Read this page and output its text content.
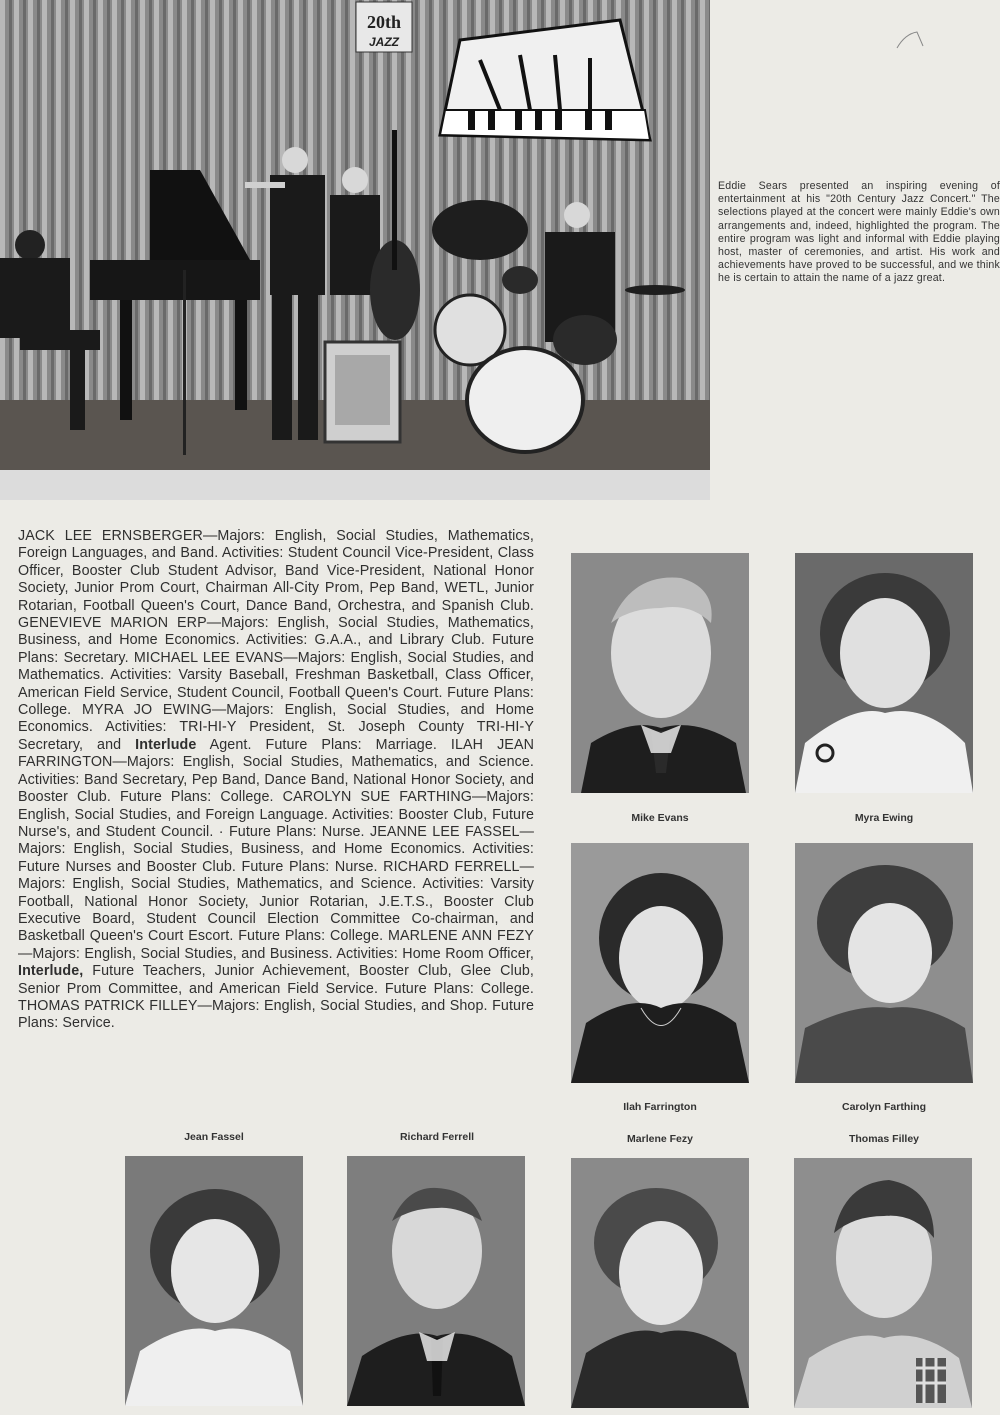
20th
JAZZ
Eddie Sears presented an inspiring evening of entertainment at his "20th Century Jazz Concert." The selections played at the concert were mainly Eddie's own arrangements and, indeed, highlighted the program. The entire program was light and informal with Eddie playing host, master of ceremonies, and artist. His work and achievements have proved to be successful, and we think he is certain to attain the name of a jazz great.
JACK LEE ERNSBERGER—Majors: English, Social Studies, Mathematics, Foreign Languages, and Band. Activities: Student Council Vice-President, Class Officer, Booster Club Student Advisor, Band Vice-President, National Honor Society, Junior Prom Court, Chairman All-City Prom, Pep Band, WETL, Junior Rotarian, Football Queen's Court, Dance Band, Orchestra, and Spanish Club. GENEVIEVE MARION ERP—Majors: English, Social Studies, Mathematics, Business, and Home Economics. Activities: G.A.A., and Library Club. Future Plans: Secretary. MICHAEL LEE EVANS—Majors: English, Social Studies, and Mathematics. Activities: Varsity Baseball, Freshman Basketball, Class Officer, American Field Service, Student Council, Football Queen's Court. Future Plans: College. MYRA JO EWING—Majors: English, Social Studies, and Home Economics. Activities: TRI-HI-Y President, St. Joseph County TRI-HI-Y Secretary, and Interlude Agent. Future Plans: Marriage. ILAH JEAN FARRINGTON—Majors: English, Social Studies, Mathematics, and Science. Activities: Band Secretary, Pep Band, Dance Band, National Honor Society, and Booster Club. Future Plans: College. CAROLYN SUE FARTHING—Majors: English, Social Studies, and Foreign Language. Activities: Booster Club, Future Nurse's, and Student Council. · Future Plans: Nurse. JEANNE LEE FASSEL—Majors: English, Social Studies, Business, and Home Economics. Activities: Future Nurses and Booster Club. Future Plans: Nurse. RICHARD FERRELL—Majors: English, Social Studies, Mathematics, and Science. Activities: Varsity Football, National Honor Society, Junior Rotarian, J.E.T.S., Booster Club Executive Board, Student Council Election Committee Co-chairman, and Basketball Queen's Court Escort. Future Plans: College. MARLENE ANN FEZY—Majors: English, Social Studies, and Business. Activities: Home Room Officer, Interlude, Future Teachers, Junior Achievement, Booster Club, Glee Club, Senior Prom Committee, and American Field Service. Future Plans: College. THOMAS PATRICK FILLEY—Majors: English, Social Studies, and Shop. Future Plans: Service.
Mike Evans	Myra Ewing
Ilah Farrington	Carolyn Farthing
Jean Fassel	Richard Ferrell	Marlene Fezy	Thomas Filley
